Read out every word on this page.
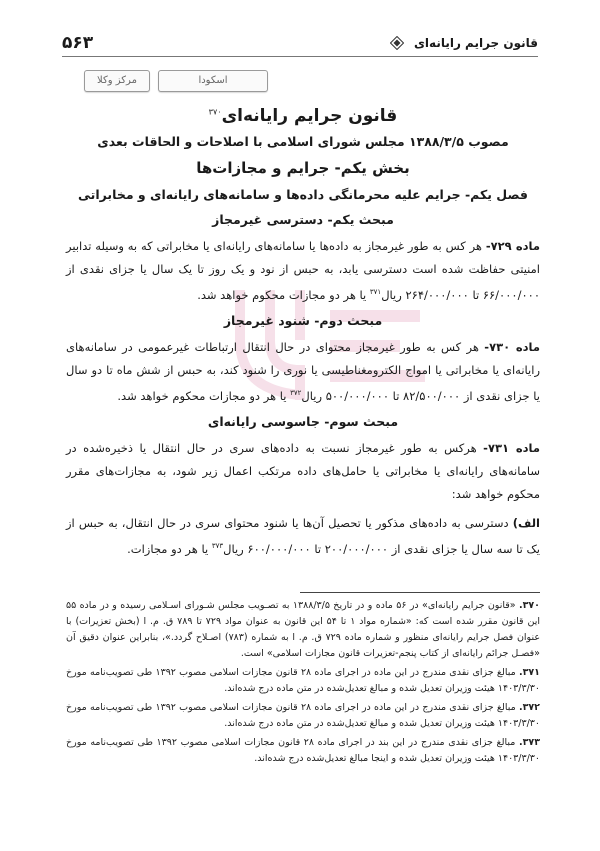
قانون جرایم رایانه‌ای
۵۶۳
مرکز وکلا	اسکودا
قانون جرایم رایانه‌ای$^{۳۷۰}$
مصوب ۱۳۸۸/۳/۵ مجلس شورای اسلامی با اصلاحات و الحاقات بعدی
بخش یکم- جرایم و مجازات‌ها
فصل یکم- جرایم علیه محرمانگی داده‌ها و سامانه‌های رایانه‌ای و مخابراتی
مبحث یکم- دسترسی غیرمجاز

ماده ۷۲۹- هر کس به طور غیرمجاز به داده‌ها یا سامانه‌های رایانه‌ای یا مخابراتی که به وسیله تدابیر امنیتی حفاظت شده است دسترسی یابد، به حبس از نود و یک روز تا یک سال یا جزای نقدی از ۶۶/۰۰۰/۰۰۰ تا ۲۶۴/۰۰۰/۰۰۰ ریال$^{۳۷۱}$ یا هر دو مجازات محکوم خواهد شد.

مبحث دوم- شنود غیرمجاز

ماده ۷۳۰- هر کس به طور غیرمجاز محتوای در حال انتقال ارتباطات غیرعمومی در سامانه‌های رایانه‌ای یا مخابراتی یا امواج الکترومغناطیسی یا نوری را شنود کند، به حبس از شش ماه تا دو سال یا جزای نقدی از ۸۲/۵۰۰/۰۰۰ تا ۵۰۰/۰۰۰/۰۰۰ ریال$^{۳۷۲}$ یا هر دو مجازات محکوم خواهد شد.

مبحث سوم- جاسوسی رایانه‌ای

ماده ۷۳۱- هرکس به طور غیرمجاز نسبت به داده‌های سری در حال انتقال یا ذخیره‌شده در سامانه‌های رایانه‌ای یا مخابراتی یا حامل‌های داده مرتکب اعمال زیر شود، به مجازات‌های مقرر محکوم خواهد شد:

الف) دسترسی به داده‌های مذکور یا تحصیل آن‌ها یا شنود محتوای سری در حال انتقال، به حبس از یک تا سه سال یا جزای نقدی از ۲۰۰/۰۰۰/۰۰۰ تا ۶۰۰/۰۰۰/۰۰۰ ریال$^{۳۷۳}$ یا هر دو مجازات.

۳۷۰. «قانون جرایم رایانه‌ای» در ۵۶ ماده و در تاریخ ۱۳۸۸/۳/۵ به تصـویب مجلس شـورای اسـلامی رسیده و در ماده ۵۵ این قانون مقرر شده است که: «شماره مواد ۱ تا ۵۴ این قانون به عنوان مواد ۷۲۹ تا ۷۸۹ ق. م. ا (بخش تعزیرات) با عنوان فصل جرایم رایانه‌ای منظور و شماره ماده ۷۲۹ ق. م. ا به شماره (۷۸۳) اصـلاح گردد.»، بنابراین عنوان دقیق آن «فصـل جرائم رایانه‌ای از کتاب پنجم-تعزیرات قانون مجازات اسلامی» است.

۳۷۱. مبالغ جزای نقدی مندرج در این ماده در اجرای ماده ۲۸ قانون مجازات اسلامی مصوب ۱۳۹۲ طی تصویب‌نامه مورخ ۱۴۰۳/۳/۳۰ هیئت وزیران تعدیل شده و مبالغ تعدیل‌شده در متن ماده درج شده‌اند.

۳۷۲. مبالغ جزای نقدی مندرج در این ماده در اجرای ماده ۲۸ قانون مجازات اسلامی مصوب ۱۳۹۲ طی تصویب‌نامه مورخ ۱۴۰۳/۳/۳۰ هیئت وزیران تعدیل شده و مبالغ تعدیل‌شده در متن ماده درج شده‌اند.

۳۷۳. مبالغ جزای نقدی مندرج در این بند در اجرای ماده ۲۸ قانون مجازات اسلامی مصوب ۱۳۹۲ طی تصویب‌نامه مورخ ۱۴۰۳/۳/۳۰ هیئت وزیران تعدیل شده و اینجا مبالغ تعدیل‌شده درج شده‌اند.
